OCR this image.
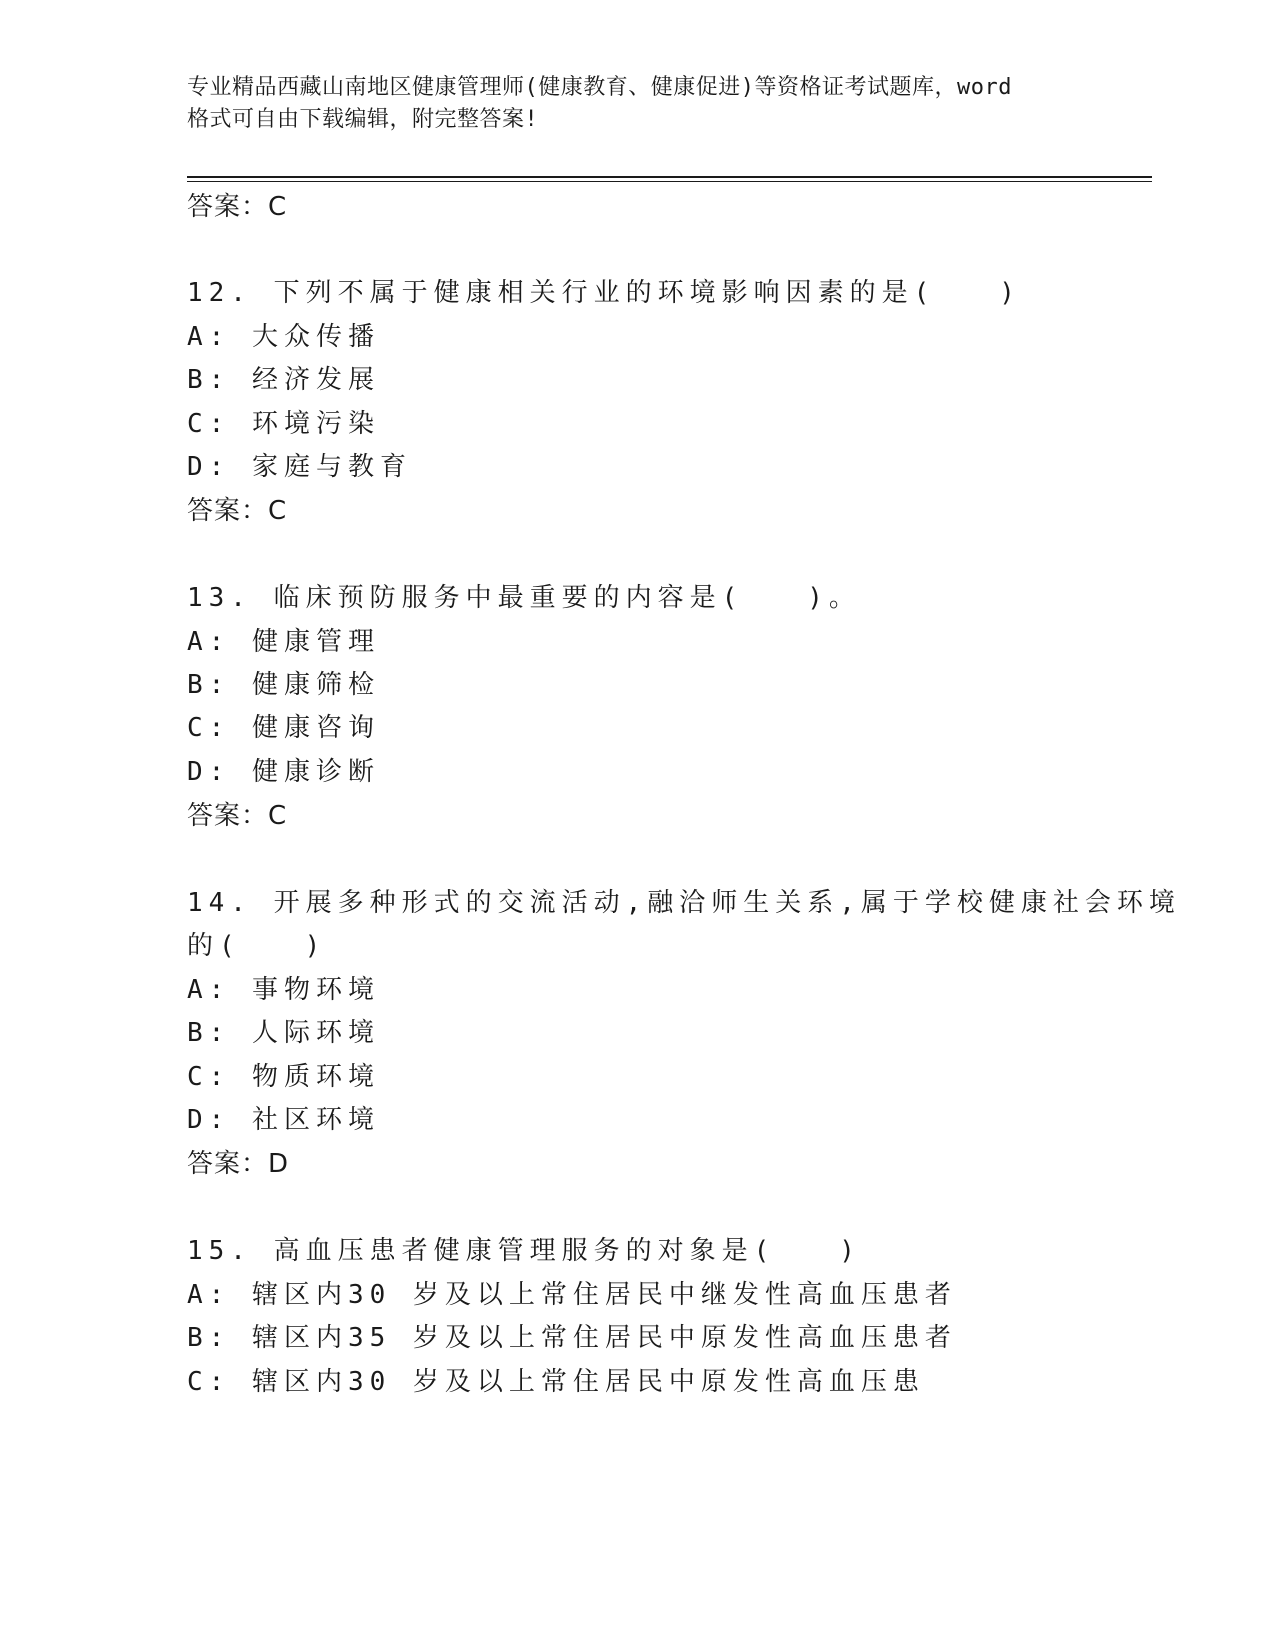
专业精品西藏山南地区健康管理师(健康教育、健康促进)等资格证考试题库，word
格式可自由下载编辑，附完整答案!
答案：C
12. 下列不属于健康相关行业的环境影响因素的是(　　)
A: 大众传播
B: 经济发展
C: 环境污染
D: 家庭与教育
答案：C
13. 临床预防服务中最重要的内容是(　　)。
A: 健康管理
B: 健康筛检
C: 健康咨询
D: 健康诊断
答案：C
14. 开展多种形式的交流活动,融洽师生关系,属于学校健康社会环境
的(　　)
A: 事物环境
B: 人际环境
C: 物质环境
D: 社区环境
答案：D
15. 高血压患者健康管理服务的对象是(　　)
A: 辖区内30 岁及以上常住居民中继发性高血压患者
B: 辖区内35 岁及以上常住居民中原发性高血压患者
C: 辖区内30 岁及以上常住居民中原发性高血压患
